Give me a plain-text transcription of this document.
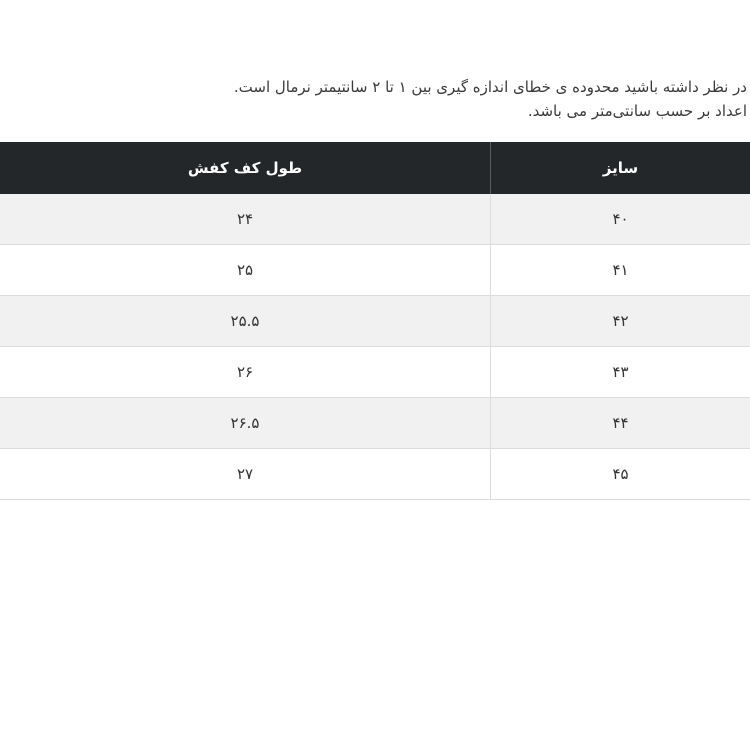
در نظر داشته باشید محدوده ی خطای اندازه گیری بین ۱ تا ۲ سانتیمتر نرمال است.
اعداد بر حسب سانتی‌متر می باشد.
سایز	طول کف کفش
۴۰	۲۴
۴۱	۲۵
۴۲	۲۵.۵
۴۳	۲۶
۴۴	۲۶.۵
۴۵	۲۷
